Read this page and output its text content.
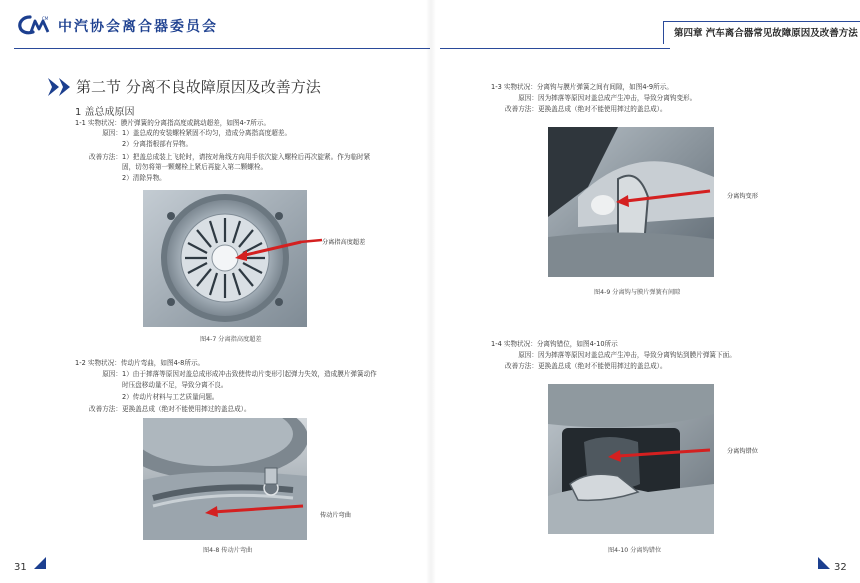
CM
中汽协会离合器委员会	第四章 汽车离合器常见故障原因及改善方法
第二节 分离不良故障原因及改善方法
1 盖总成原因
1-1 实物状况：膜片弹簧的分离指高度或跳动超差，如图4-7所示。
原因：1）盖总成的安装螺栓紧固不均匀，造成分离指高度超差。
2）分离指根部有异物。
改善方法：1）把盖总成装上飞轮时，请按对角线方向用手依次旋入螺栓后再次旋紧。作为临时紧
固，切勿将第一颗螺栓上紧后再旋入第二颗螺栓。
2）清除异物。
分离指高度超差
图4-7 分离指高度超差
1-2 实物状况：传动片弯曲，如图4-8所示。
原因：1）由于摔落等原因对盖总成形成冲击致使传动片变形引起弹力失效，造成膜片弹簧动作
时压盘移动量不足，导致分离不良。
2）传动片材料与工艺质量问题。
改善方法：更换盖总成（绝对不能使用摔过的盖总成）。
传动片弯曲
图4-8 传动片弯曲
31
1-3 实物状况：分离钩与膜片弹簧之间有间隙，如图4-9所示。
原因：因为摔落等原因对盖总成产生冲击，导致分离钩变形。
改善方法：更换盖总成（绝对不能使用摔过的盖总成）。
分离钩变形
图4-9 分离钩与膜片弹簧有间隙
1-4 实物状况：分离钩错位，如图4-10所示
原因：因为摔落等原因对盖总成产生冲击，导致分离钩钻到膜片弹簧下面。
改善方法：更换盖总成（绝对不能使用摔过的盖总成）。
分离钩错位
图4-10 分离钩错位
32
